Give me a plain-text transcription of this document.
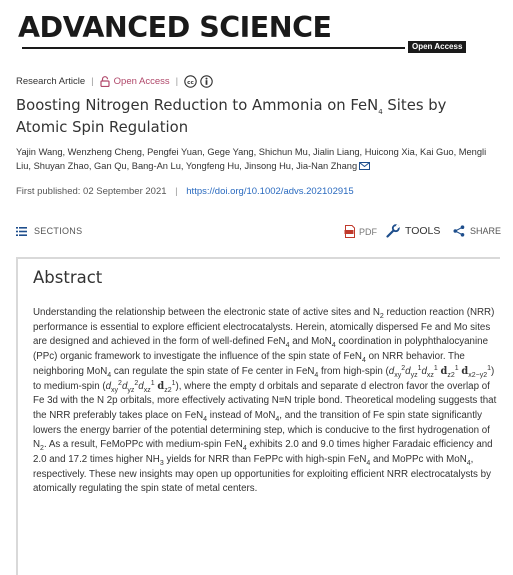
ADVANCED SCIENCE
Open Access
Research Article | Open Access | cc
Boosting Nitrogen Reduction to Ammonia on FeN$_4$ Sites by Atomic Spin Regulation
Yajin Wang, Wenzheng Cheng, Pengfei Yuan, Gege Yang, Shichun Mu, Jialin Liang, Huicong Xia, Kai Guo, Mengli Liu, Shuyan Zhao, Gan Qu, Bang-An Lu, Yongfeng Hu, Jinsong Hu, Jia-Nan Zhang
First published: 02 September 2021 | https://doi.org/10.1002/advs.202102915
SECTIONS	PDF	TOOLS	SHARE
Abstract
Understanding the relationship between the electronic state of active sites and $N_2$ reduction reaction (NRR) performance is essential to explore efficient electrocatalysts. Herein, atomically dispersed Fe and Mo sites are designed and achieved in the form of well-defined FeN$_4$ and MoN$_4$ coordination in polyphthalocyanine (PPc) organic framework to investigate the influence of the spin state of FeN$_4$ on NRR behavior. The neighboring MoN$_4$ can regulate the spin state of Fe center in FeN$_4$ from high-spin ($d_{xy}^2d_{yz}^1d_{xz}^1$ $d_{z2}^1$ $d_{x2-y2}^1$) to medium-spin ($d_{xy}^2d_{yz}^2d_{xz}^1$ $d_{z2}^1$), where the empty d orbitals and separate d electron favor the overlap of Fe 3d with the N 2p orbitals, more effectively activating N≡N triple bond. Theoretical modeling suggests that the NRR preferably takes place on FeN$_4$ instead of MoN$_4$, and the transition of Fe spin state significantly lowers the energy barrier of the potential determining step, which is conducive to the first hydrogenation of $N_2$. As a result, FeMoPPc with medium-spin FeN$_4$ exhibits 2.0 and 9.0 times higher Faradaic efficiency and 2.0 and 17.2 times higher $NH_3$ yields for NRR than FePPc with high-spin FeN$_4$ and MoPPc with MoN$_4$, respectively. These new insights may open up opportunities for exploiting efficient NRR electrocatalysts by atomically regulating the spin state of metal centers.
